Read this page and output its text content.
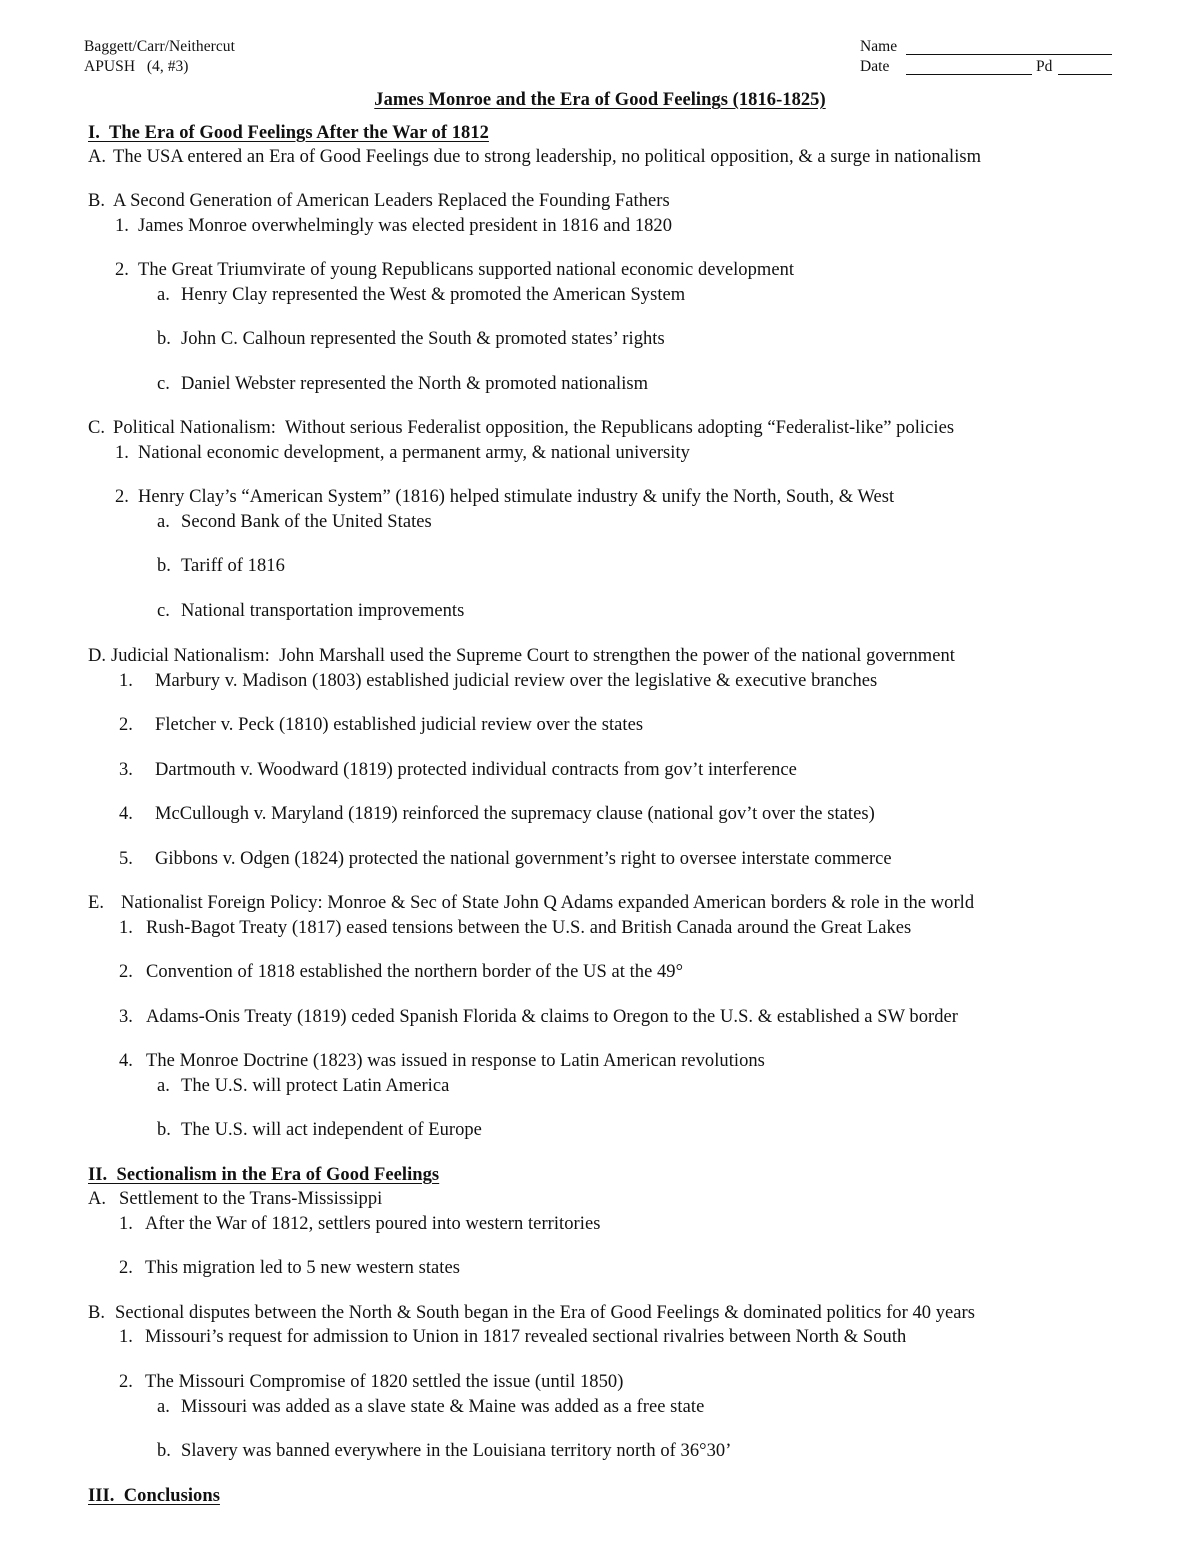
Baggett/Carr/Neithercut
APUSH   (4, #3)
Name
Date	Pd
James Monroe and the Era of Good Feelings (1816-1825)
I.  The Era of Good Feelings After the War of 1812
A. The USA entered an Era of Good Feelings due to strong leadership, no political opposition, & a surge in nationalism
B. A Second Generation of American Leaders Replaced the Founding Fathers
1. James Monroe overwhelmingly was elected president in 1816 and 1820
2. The Great Triumvirate of young Republicans supported national economic development
a. Henry Clay represented the West & promoted the American System
b. John C. Calhoun represented the South & promoted states’ rights
c. Daniel Webster represented the North & promoted nationalism
C. Political Nationalism:  Without serious Federalist opposition, the Republicans adopting “Federalist-like” policies
1. National economic development, a permanent army, & national university
2. Henry Clay’s “American System” (1816) helped stimulate industry & unify the North, South, & West
a. Second Bank of the United States
b. Tariff of 1816
c. National transportation improvements
D. Judicial Nationalism:  John Marshall used the Supreme Court to strengthen the power of the national government
1. Marbury v. Madison (1803) established judicial review over the legislative & executive branches
2. Fletcher v. Peck (1810) established judicial review over the states
3. Dartmouth v. Woodward (1819) protected individual contracts from gov’t interference
4. McCullough v. Maryland (1819) reinforced the supremacy clause (national gov’t over the states)
5. Gibbons v. Odgen (1824) protected the national government’s right to oversee interstate commerce
E. Nationalist Foreign Policy: Monroe & Sec of State John Q Adams expanded American borders & role in the world
1. Rush-Bagot Treaty (1817) eased tensions between the U.S. and British Canada around the Great Lakes
2. Convention of 1818 established the northern border of the US at the 49°
3. Adams-Onis Treaty (1819) ceded Spanish Florida & claims to Oregon to the U.S. & established a SW border
4. The Monroe Doctrine (1823) was issued in response to Latin American revolutions
a. The U.S. will protect Latin America
b. The U.S. will act independent of Europe
II.  Sectionalism in the Era of Good Feelings
A. Settlement to the Trans-Mississippi
1. After the War of 1812, settlers poured into western territories
2. This migration led to 5 new western states
B. Sectional disputes between the North & South began in the Era of Good Feelings & dominated politics for 40 years
1. Missouri’s request for admission to Union in 1817 revealed sectional rivalries between North & South
2. The Missouri Compromise of 1820 settled the issue (until 1850)
a. Missouri was added as a slave state & Maine was added as a free state
b. Slavery was banned everywhere in the Louisiana territory north of 36°30’
III.  Conclusions
